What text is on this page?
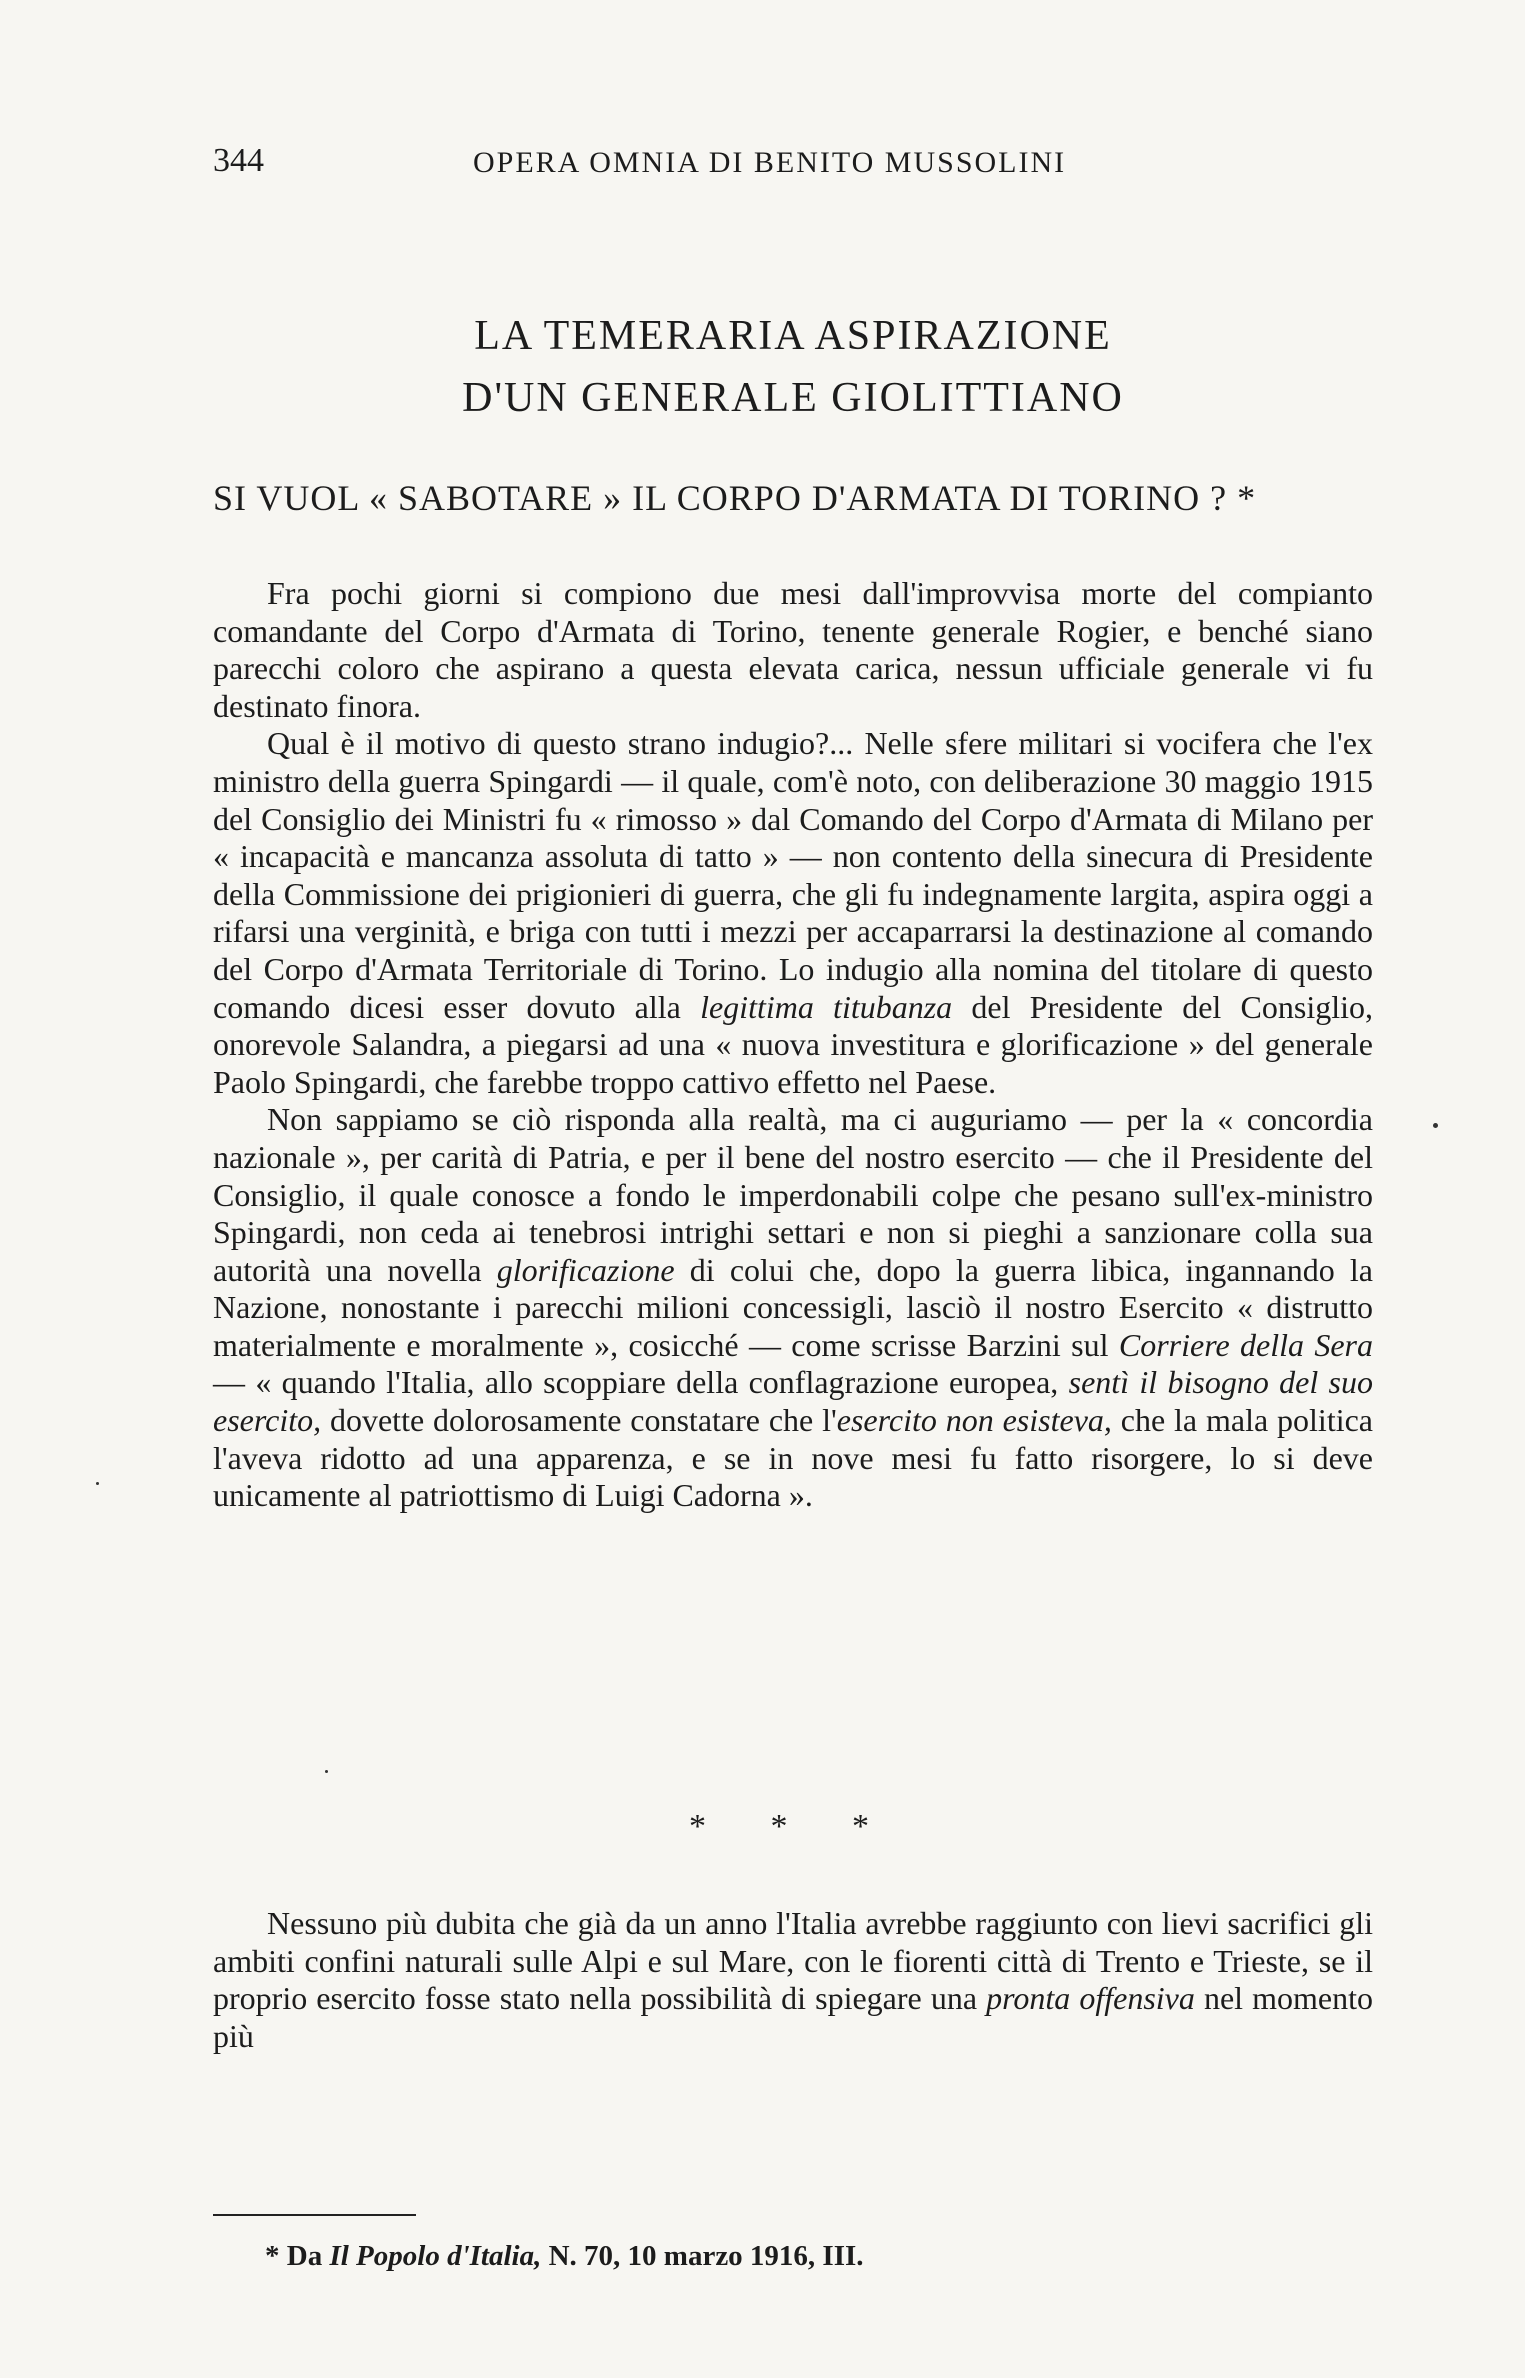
344	OPERA OMNIA DI BENITO MUSSOLINI
LA TEMERARIA ASPIRAZIONE
D'UN GENERALE GIOLITTIANO
SI VUOL « SABOTARE » IL CORPO D'ARMATA DI TORINO ? *

Fra pochi giorni si compiono due mesi dall'improvvisa morte del compianto comandante del Corpo d'Armata di Torino, tenente generale Rogier, e benché siano parecchi coloro che aspirano a questa elevata carica, nessun ufficiale generale vi fu destinato finora.

Qual è il motivo di questo strano indugio?... Nelle sfere militari si vocifera che l'ex ministro della guerra Spingardi — il quale, com'è noto, con deliberazione 30 maggio 1915 del Consiglio dei Ministri fu « rimosso » dal Comando del Corpo d'Armata di Milano per « incapacità e mancanza assoluta di tatto » — non contento della sinecura di Presidente della Commissione dei prigionieri di guerra, che gli fu indegnamente largita, aspira oggi a rifarsi una verginità, e briga con tutti i mezzi per accaparrarsi la destinazione al comando del Corpo d'Armata Territoriale di Torino. Lo indugio alla nomina del titolare di questo comando dicesi esser dovuto alla legittima titubanza del Presidente del Consiglio, onorevole Salandra, a piegarsi ad una « nuova investitura e glorificazione » del generale Paolo Spingardi, che farebbe troppo cattivo effetto nel Paese.

Non sappiamo se ciò risponda alla realtà, ma ci auguriamo — per la « concordia nazionale », per carità di Patria, e per il bene del nostro esercito — che il Presidente del Consiglio, il quale conosce a fondo le imperdonabili colpe che pesano sull'ex-ministro Spingardi, non ceda ai tenebrosi intrighi settari e non si pieghi a sanzionare colla sua autorità una novella glorificazione di colui che, dopo la guerra libica, ingannando la Nazione, nonostante i parecchi milioni concessigli, lasciò il nostro Esercito « distrutto materialmente e moralmente », cosicché — come scrisse Barzini sul Corriere della Sera — « quando l'Italia, allo scoppiare della conflagrazione europea, sentì il bisogno del suo esercito, dovette dolorosamente constatare che l'esercito non esisteva, che la mala politica l'aveva ridotto ad una apparenza, e se in nove mesi fu fatto risorgere, lo si deve unicamente al patriottismo di Luigi Cadorna ».

* * *

Nessuno più dubita che già da un anno l'Italia avrebbe raggiunto con lievi sacrifici gli ambiti confini naturali sulle Alpi e sul Mare, con le fiorenti città di Trento e Trieste, se il proprio esercito fosse stato nella possibilità di spiegare una pronta offensiva nel momento più

* Da Il Popolo d'Italia, N. 70, 10 marzo 1916, III.
